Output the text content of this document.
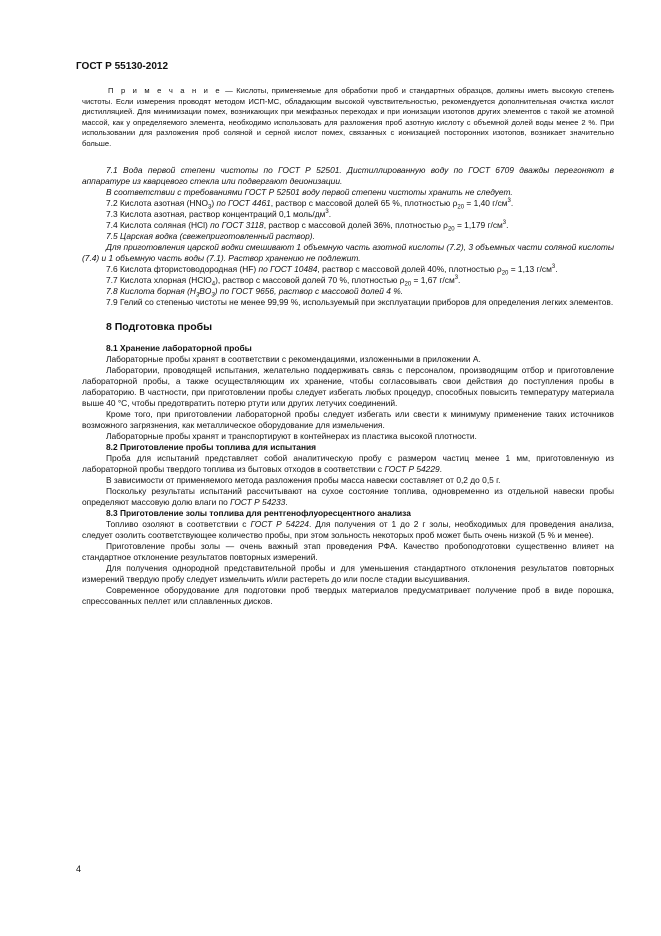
ГОСТ Р 55130-2012

П р и м е ч а н и е — Кислоты, применяемые для обработки проб и стандартных образцов, должны иметь высокую степень чистоты. Если измерения проводят методом ИСП-МС, обладающим высокой чувствительностью, рекомендуется дополнительная очистка кислот дистилляцией. Для минимизации помех, возникающих при межфазных переходах и при ионизации изотопов других элементов с такой же атомной массой, как у определяемого элемента, необходимо использовать для разложения проб азотную кислоту с объемной долей воды менее 2 %. При использовании для разложения проб соляной и серной кислот помех, связанных с ионизацией посторонних изотопов, возникает значительно больше.

7.1 Вода первой степени чистоты по ГОСТ Р 52501. Дистиллированную воду по ГОСТ 6709 дважды перегоняют в аппаратуре из кварцевого стекла или подвергают деионизации.

В соответствии с требованиями ГОСТ Р 52501 воду первой степени чистоты хранить не следует.

7.2 Кислота азотная $(HNO_3)$ по ГОСТ 4461, раствор с массовой долей 65 %, плотностью $\rho_{20} = 1,40$ $г/см^3$.

7.3 Кислота азотная, раствор концентраций 0,1 моль/$дм^3$.

7.4 Кислота соляная (HCl) по ГОСТ 3118, раствор с массовой долей 36%, плотностью $\rho_{20} = 1,179$ $г/см^3$.

7.5 Царская водка (свежеприготовленный раствор).

Для приготовления царской водки смешивают 1 объемную часть азотной кислоты (7.2), 3 объемных части соляной кислоты (7.4) и 1 объемную часть воды (7.1). Раствор хранению не подлежит.

7.6 Кислота фтористоводородная (HF) по ГОСТ 10484, раствор с массовой долей 40%, плотностью $\rho_{20} = 1,13$ $г/см^3$.

7.7 Кислота хлорная (HClO$_4$), раствор с массовой долей 70 %, плотностью $\rho_{20} = 1,67$ $г/см^3$.

7.8 Кислота борная $(H_3BO_3)$ по ГОСТ 9656, раствор с массовой долей 4 %.

7.9 Гелий со степенью чистоты не менее 99,99 %, используемый при эксплуатации приборов для определения легких элементов.

8 Подготовка пробы

8.1 Хранение лабораторной пробы

Лабораторные пробы хранят в соответствии с рекомендациями, изложенными в приложении А.

Лаборатории, проводящей испытания, желательно поддерживать связь с персоналом, производящим отбор и приготовление лабораторной пробы, а также осуществляющим их хранение, чтобы согласовывать свои действия до поступления пробы в лабораторию. В частности, при приготовлении пробы следует избегать любых процедур, способных повысить температуру материала выше 40 °С, чтобы предотвратить потерю ртути или других летучих соединений.

Кроме того, при приготовлении лабораторной пробы следует избегать или свести к минимуму применение таких источников возможного загрязнения, как металлическое оборудование для измельчения.

Лабораторные пробы хранят и транспортируют в контейнерах из пластика высокой плотности.

8.2 Приготовление пробы топлива для испытания

Проба для испытаний представляет собой аналитическую пробу с размером частиц менее 1 мм, приготовленную из лабораторной пробы твердого топлива из бытовых отходов в соответствии с ГОСТ Р 54229.

В зависимости от применяемого метода разложения пробы масса навески составляет от 0,2 до 0,5 г.

Поскольку результаты испытаний рассчитывают на сухое состояние топлива, одновременно из отдельной навески пробы определяют массовую долю влаги по ГОСТ Р 54233.

8.3 Приготовление золы топлива для рентгенофлуоресцентного анализа

Топливо озоляют в соответствии с ГОСТ Р 54224. Для получения от 1 до 2 г золы, необходимых для проведения анализа, следует озолить соответствующее количество пробы, при этом зольность некоторых проб может быть очень низкой (5 % и менее).

Приготовление пробы золы — очень важный этап проведения РФА. Качество пробоподготовки существенно влияет на стандартное отклонение результатов повторных измерений.

Для получения однородной представительной пробы и для уменьшения стандартного отклонения результатов повторных измерений твердую пробу следует измельчить и/или растереть до или после стадии высушивания.

Современное оборудование для подготовки проб твердых материалов предусматривает получение проб в виде порошка, спрессованных пеллет или сплавленных дисков.

4
